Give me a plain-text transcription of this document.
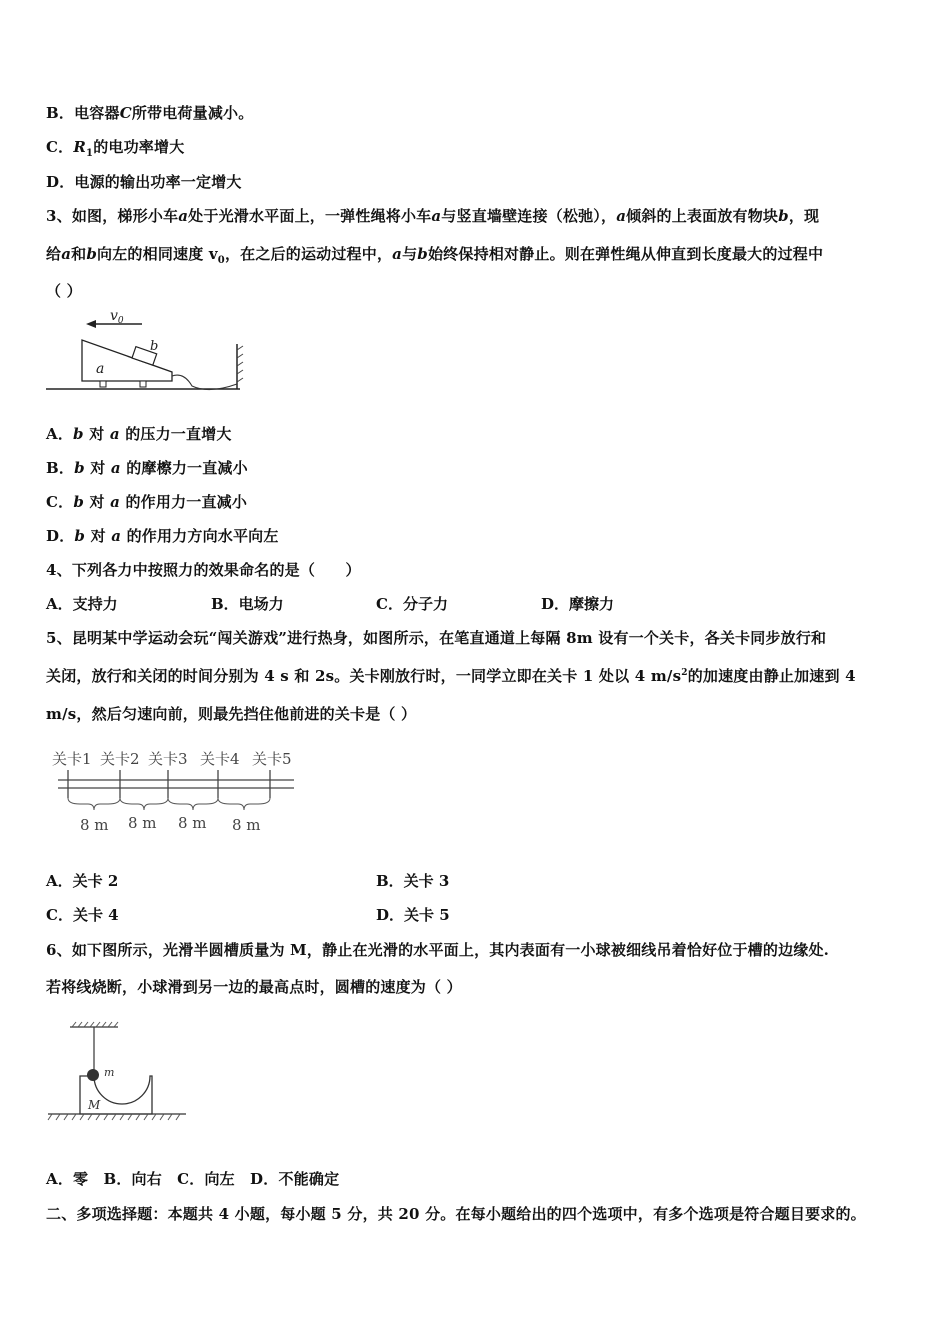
B．电容器C所带电荷量减小。
C．$R_1$的电功率增大
D．电源的输出功率一定增大
3、如图，梯形小车a处于光滑水平面上，一弹性绳将小车a与竖直墙壁连接（松弛），a倾斜的上表面放有物块b，现
给a和b向左的相同速度 $v_0$，在之后的运动过程中，a与b始终保持相对静止。则在弹性绳从伸直到长度最大的过程中
（ ）
$v_0$
a
b
A．b 对 a 的压力一直增大
B．b 对 a 的摩檫力一直减小
C．b 对 a 的作用力一直减小
D．b 对 a 的作用力方向水平向左
4、下列各力中按照力的效果命名的是（　　）
A．支持力	B．电场力	C．分子力	D．摩擦力
5、昆明某中学运动会玩“闯关游戏”进行热身，如图所示，在笔直通道上每隔 8m 设有一个关卡，各关卡同步放行和
关闭，放行和关闭的时间分别为 4 s 和 2s。关卡刚放行时，一同学立即在关卡 1 处以 4 $m/s^2$的加速度由静止加速到 4
m/s，然后匀速向前，则最先挡住他前进的关卡是（ ）
关卡1 关卡2 关卡3 关卡4 关卡5
8 m 8 m 8 m 8 m
A．关卡 2	B．关卡 3
C．关卡 4	D．关卡 5
6、如下图所示，光滑半圆槽质量为 M，静止在光滑的水平面上，其内表面有一小球被细线吊着恰好位于槽的边缘处.
若将线烧断，小球滑到另一边的最高点时，圆槽的速度为（ ）
m
M
A．零　B．向右　C．向左　D．不能确定
二、多项选择题：本题共 4 小题，每小题 5 分，共 20 分。在每小题给出的四个选项中，有多个选项是符合题目要求的。
